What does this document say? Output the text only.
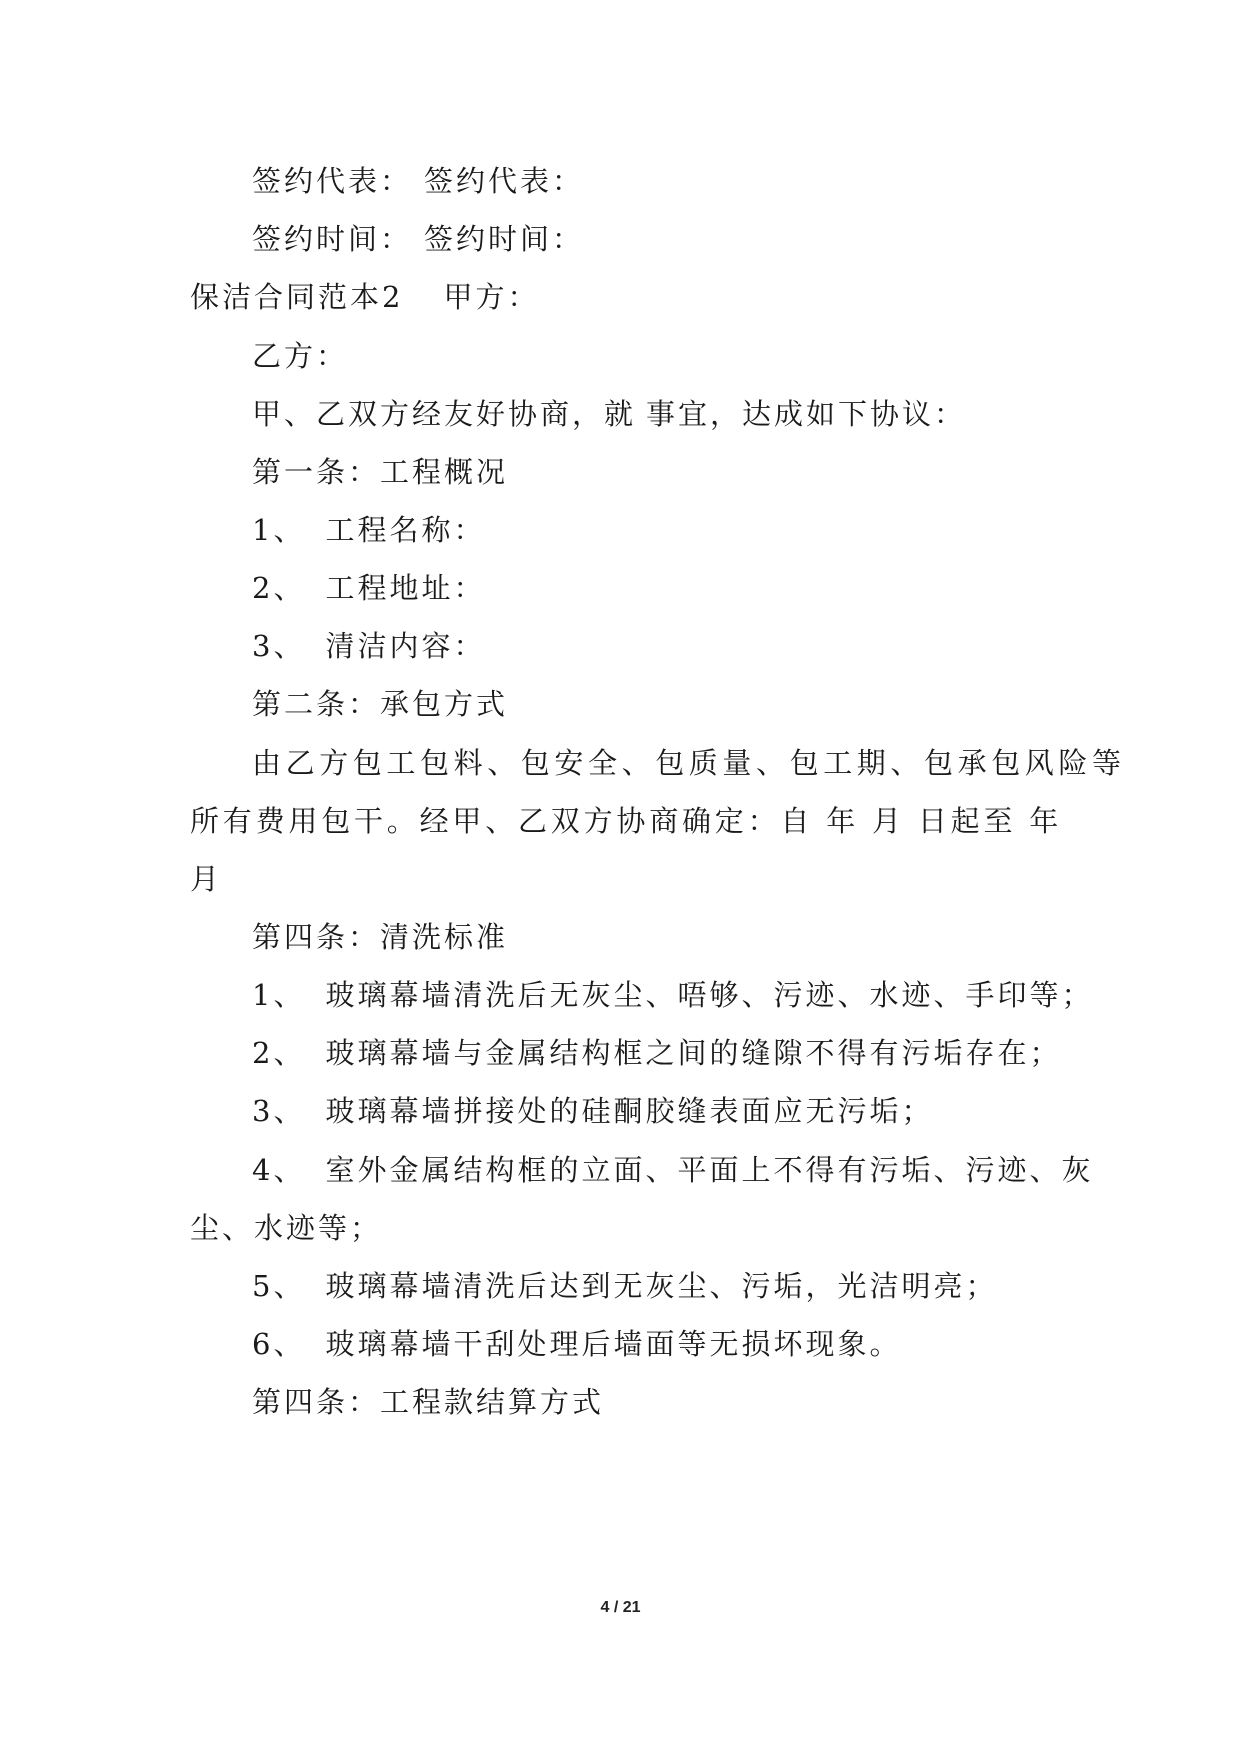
签约代表： 签约代表：
签约时间： 签约时间：
保洁合同范本2 甲方：
乙方：
甲、乙双方经友好协商，就 事宜，达成如下协议：
第一条：工程概况
1、 工程名称：
2、 工程地址：
3、 清洁内容：
第二条：承包方式
由乙方包工包料、包安全、包质量、包工期、包承包风险等
所有费用包干。经甲、乙双方协商确定：自 年 月 日起至 年
月
第四条：清洗标准
1、 玻璃幕墙清洗后无灰尘、唔够、污迹、水迹、手印等；
2、 玻璃幕墙与金属结构框之间的缝隙不得有污垢存在；
3、 玻璃幕墙拼接处的硅酮胶缝表面应无污垢；
4、 室外金属结构框的立面、平面上不得有污垢、污迹、灰
尘、水迹等；
5、 玻璃幕墙清洗后达到无灰尘、污垢，光洁明亮；
6、 玻璃幕墙干刮处理后墙面等无损坏现象。
第四条：工程款结算方式
4 / 21
